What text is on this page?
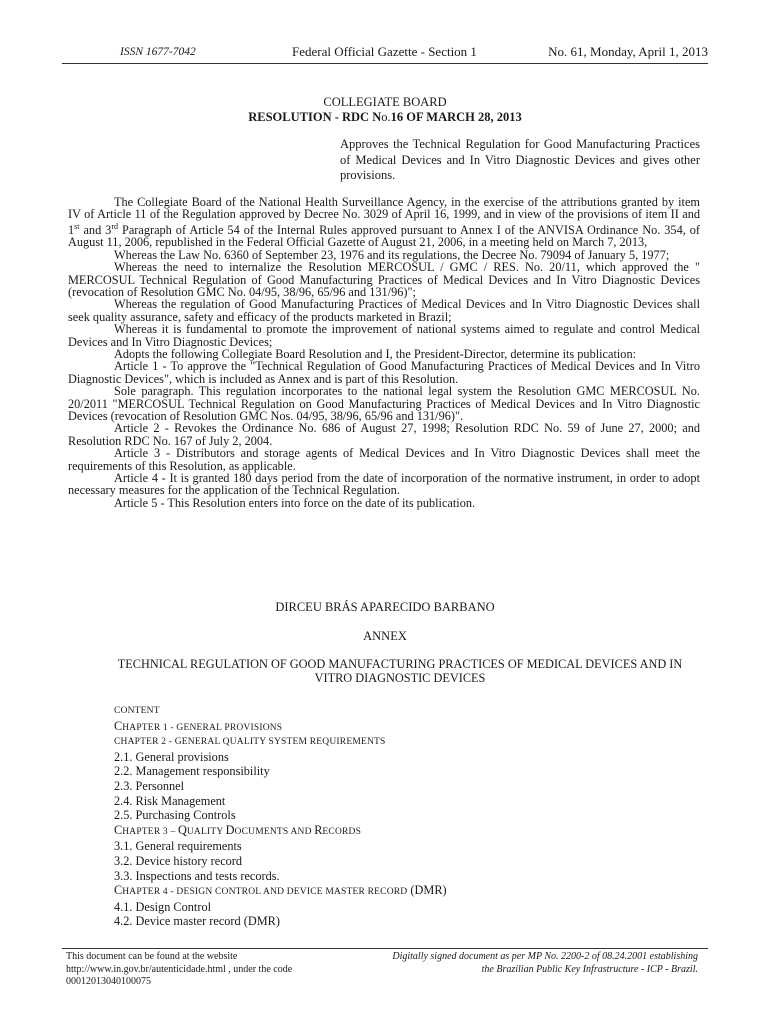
ISSN 1677-7042	Federal Official Gazette - Section 1	No. 61, Monday, April 1, 2013
COLLEGIATE BOARD
RESOLUTION - RDC No.16 OF MARCH 28, 2013
Approves the Technical Regulation for Good Manufacturing Practices of Medical Devices and In Vitro Diagnostic Devices and gives other provisions.

The Collegiate Board of the National Health Surveillance Agency, in the exercise of the attributions granted by item IV of Article 11 of the Regulation approved by Decree No. 3029 of April 16, 1999, and in view of the provisions of item II and 1st and 3rd Paragraph of Article 54 of the Internal Rules approved pursuant to Annex I of the ANVISA Ordinance No. 354, of August 11, 2006, republished in the Federal Official Gazette of August 21, 2006, in a meeting held on March 7, 2013,

Whereas the Law No. 6360 of September 23, 1976 and its regulations, the Decree No. 79094 of January 5, 1977;

Whereas the need to internalize the Resolution MERCOSUL / GMC / RES. No. 20/11, which approved the " MERCOSUL Technical Regulation of Good Manufacturing Practices of Medical Devices and In Vitro Diagnostic Devices (revocation of Resolution GMC No. 04/95, 38/96, 65/96 and 131/96)";

Whereas the regulation of Good Manufacturing Practices of Medical Devices and In Vitro Diagnostic Devices shall seek quality assurance, safety and efficacy of the products marketed in Brazil;

Whereas it is fundamental to promote the improvement of national systems aimed to regulate and control Medical Devices and In Vitro Diagnostic Devices;

Adopts the following Collegiate Board Resolution and I, the President-Director, determine its publication:

Article 1 - To approve the "Technical Regulation of Good Manufacturing Practices of Medical Devices and In Vitro Diagnostic Devices", which is included as Annex and is part of this Resolution.

Sole paragraph. This regulation incorporates to the national legal system the Resolution GMC MERCOSUL No. 20/2011 "MERCOSUL Technical Regulation on Good Manufacturing Practices of Medical Devices and In Vitro Diagnostic Devices (revocation of Resolution GMC Nos. 04/95, 38/96, 65/96 and 131/96)".

Article 2 - Revokes the Ordinance No. 686 of August 27, 1998; Resolution RDC No. 59 of June 27, 2000; and Resolution RDC No. 167 of July 2, 2004.

Article 3 - Distributors and storage agents of Medical Devices and In Vitro Diagnostic Devices shall meet the requirements of this Resolution, as applicable.

Article 4 - It is granted 180 days period from the date of incorporation of the normative instrument, in order to adopt necessary measures for the application of the Technical Regulation.

Article 5 - This Resolution enters into force on the date of its publication.

DIRCEU BRÁS APARECIDO BARBANO
ANNEX
TECHNICAL REGULATION OF GOOD MANUFACTURING PRACTICES OF MEDICAL DEVICES AND IN VITRO DIAGNOSTIC DEVICES
CONTENT
CHAPTER 1 - GENERAL PROVISIONS
CHAPTER 2 - GENERAL QUALITY SYSTEM REQUIREMENTS
2.1. General provisions
2.2. Management responsibility
2.3. Personnel
2.4. Risk Management
2.5. Purchasing Controls
CHAPTER 3 – QUALITY DOCUMENTS AND RECORDS
3.1. General requirements
3.2. Device history record
3.3. Inspections and tests records.
CHAPTER 4 - DESIGN CONTROL AND DEVICE MASTER RECORD (DMR)
4.1. Design Control
4.2. Device master record (DMR)
This document can be found at the website
http://www.in.gov.br/autenticidade.html , under the code
00012013040100075
Digitally signed document as per MP No. 2200-2 of 08.24.2001 establishing
the Brazilian Public Key Infrastructure - ICP - Brazil.
